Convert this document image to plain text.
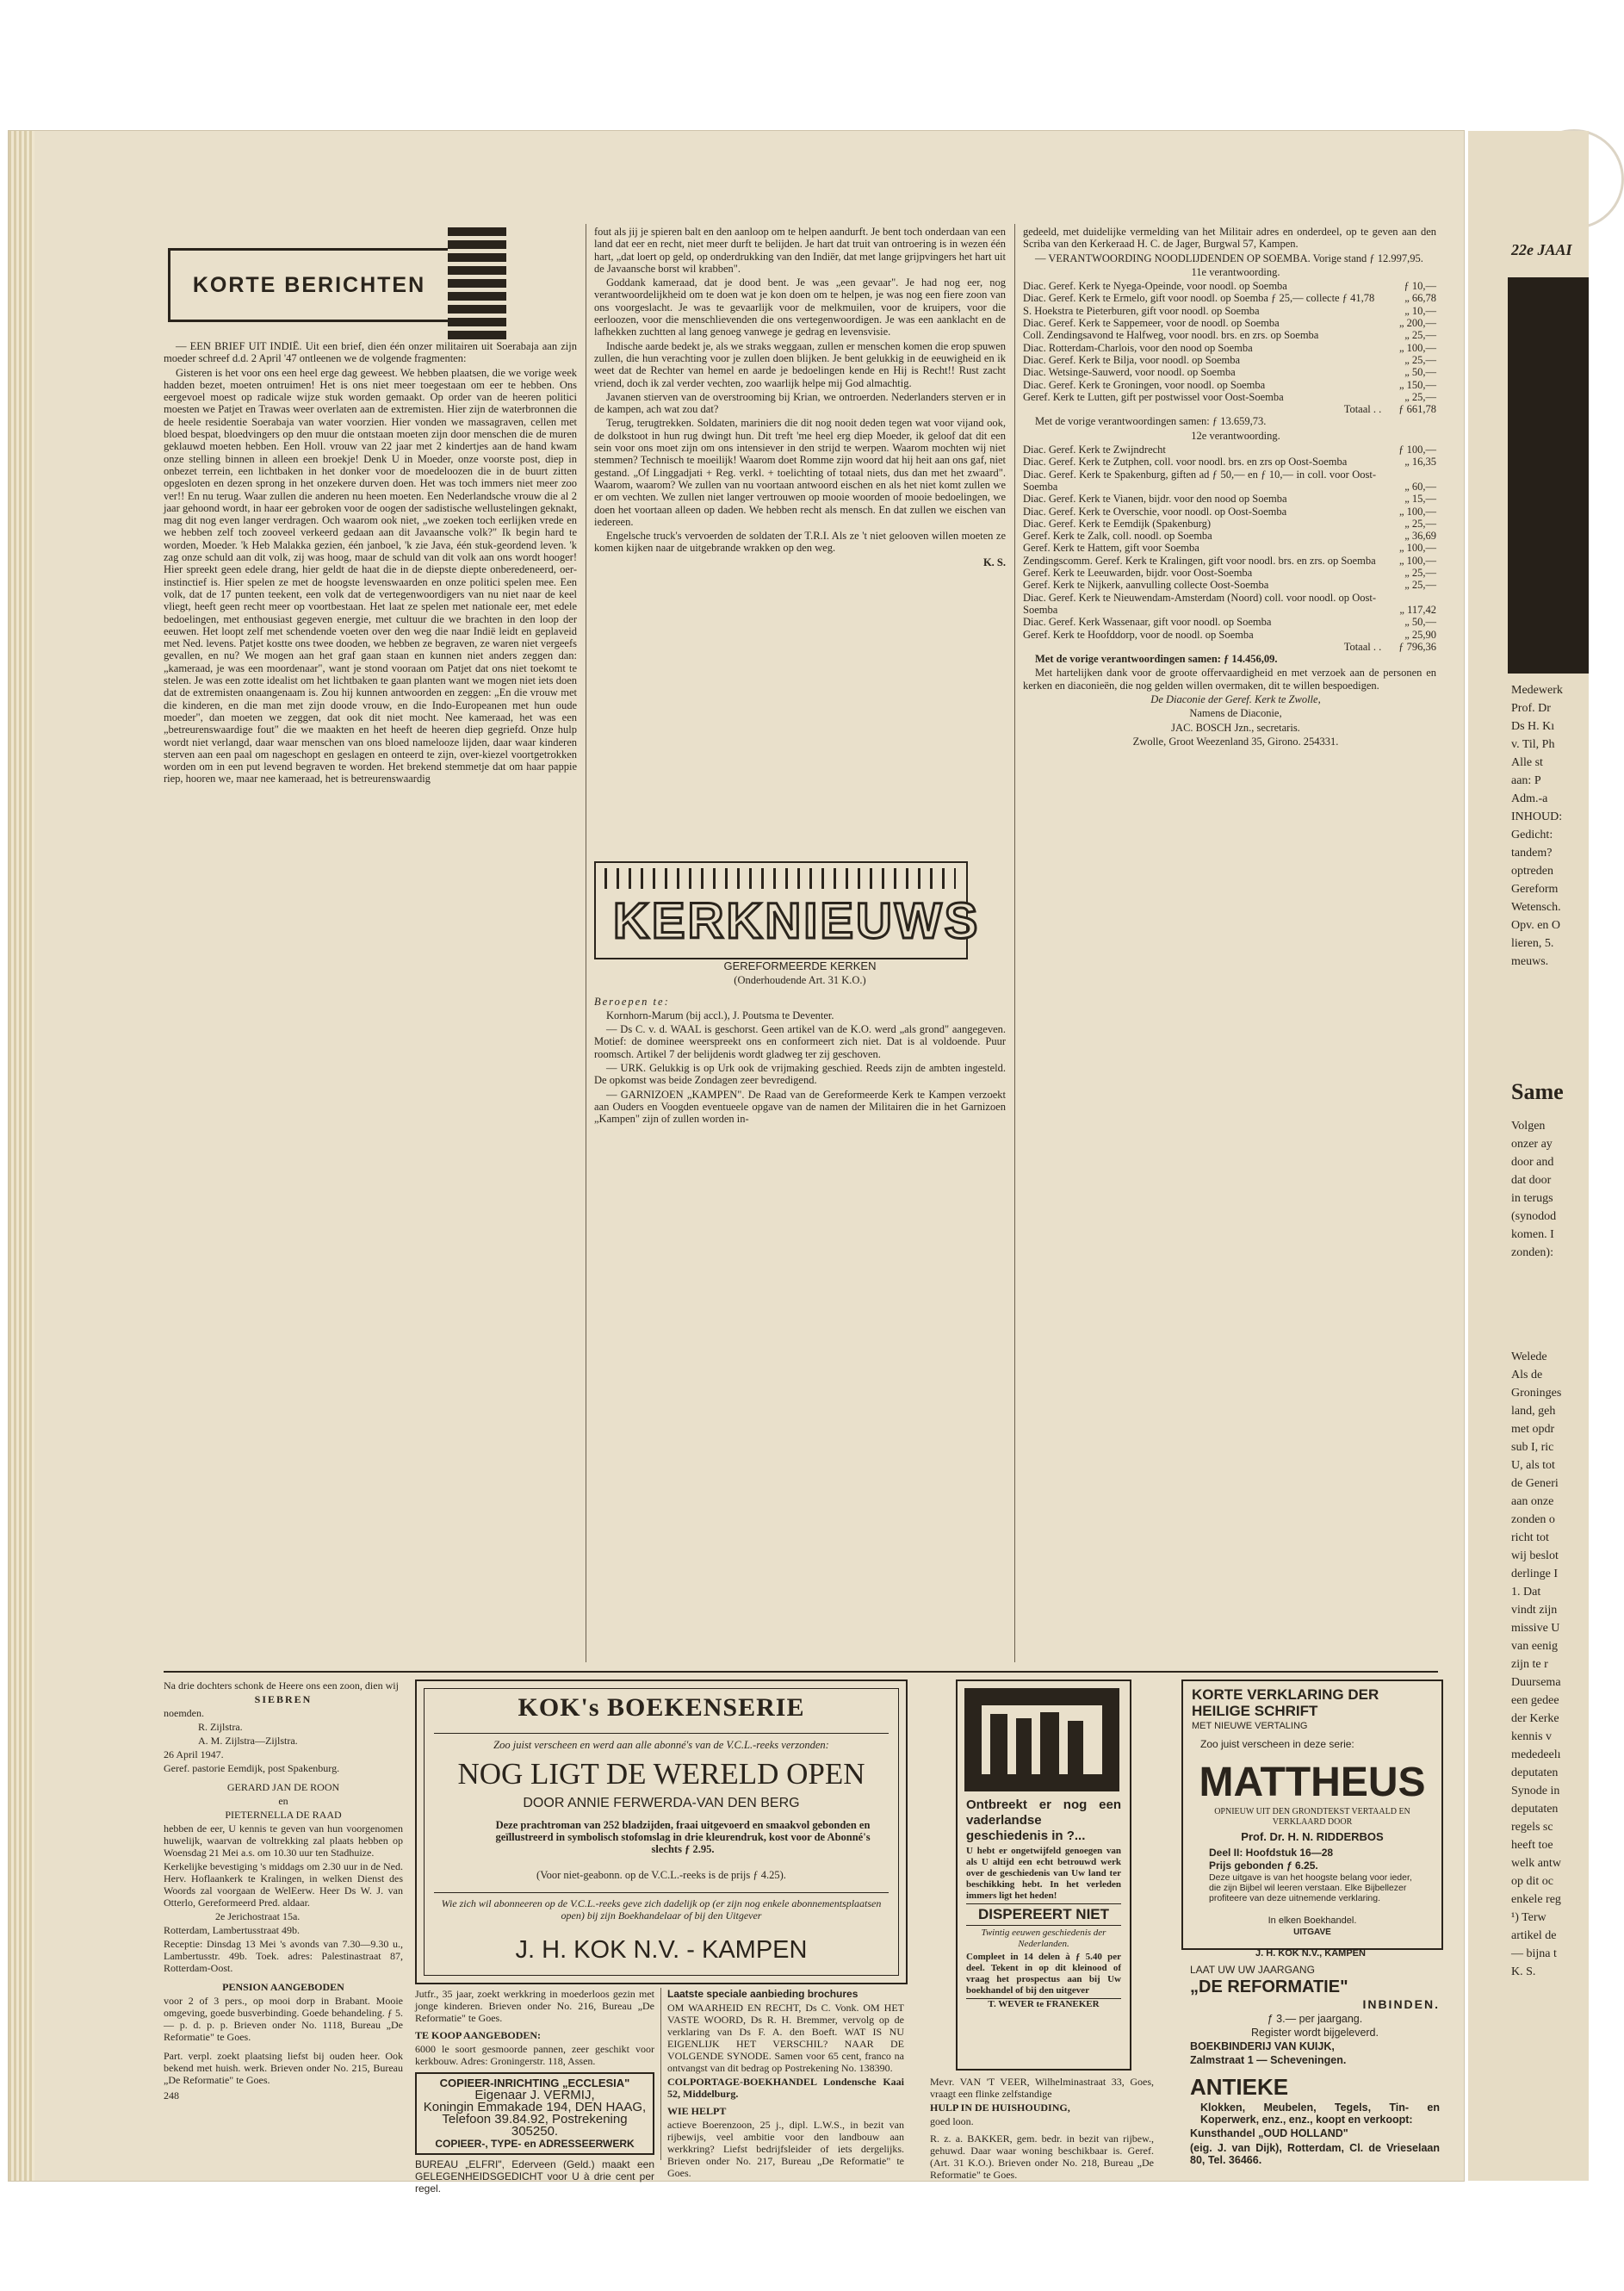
22e JAAI
Medewerk
Prof. Dr
Ds H. Kı
v. Til, Ph
Alle st
aan: P
Adm.-a
INHOUD:
Gedicht:
tandem?
optreden
Gereform
Wetensch.
Opv. en O
lieren, 5.
meuws.
Same
Volgen
onzer ay
door and
dat door
in terugs
(synodod
komen. I
zonden):
Welede
Als de
Groninges
land, geh
met opdr
sub I, ric
U, als tot
de Generi
aan onze
zonden o
richt tot
wij beslot
derlinge I
1. Dat
vindt zijn
missive U
van eenig
zijn te r
Duursema
een gedee
der Kerke
kennis v
mededeelı
deputaten
Synode in
deputaten
regels sc
heeft toe
welk antw
op dit oc
enkele reg
¹) Terw
artikel de
— bijna t
K. S.
KORTE BERICHTEN

— EEN BRIEF UIT INDIË. Uit een brief, dien één onzer militairen uit Soerabaja aan zijn moeder schreef d.d. 2 April '47 ontleenen we de volgende fragmenten:

Gisteren is het voor ons een heel erge dag geweest. We hebben plaatsen, die we vorige week hadden bezet, moeten ontruimen! Het is ons niet meer toegestaan om eer te hebben. Ons eergevoel moest op radicale wijze stuk worden gemaakt. Op order van de heeren politici moesten we Patjet en Trawas weer overlaten aan de extremisten. Hier zijn de waterbronnen die de heele residentie Soerabaja van water voorzien. Hier vonden we massagraven, cellen met bloed bespat, bloedvingers op den muur die ontstaan moeten zijn door menschen die de muren geklauwd moeten hebben. Een Holl. vrouw van 22 jaar met 2 kindertjes aan de hand kwam onze stelling binnen in alleen een broekje! Denk U in Moeder, onze voorste post, diep in onbezet terrein, een lichtbaken in het donker voor de moedeloozen die in de buurt zitten opgesloten en dezen sprong in het onzekere durven doen. Het was toch immers niet meer zoo ver!! En nu terug. Waar zullen die anderen nu heen moeten. Een Nederlandsche vrouw die al 2 jaar gehoond wordt, in haar eer gebroken voor de oogen der sadistische wellustelingen geknakt, mag dit nog even langer verdragen. Och waarom ook niet, „we zoeken toch eerlijken vrede en we hebben zelf toch zooveel verkeerd gedaan aan dit Javaansche volk?" Ik begin hard te worden, Moeder. 'k Heb Malakka gezien, één janboel, 'k zie Java, één stuk-geordend leven. 'k zag onze schuld aan dit volk, zij was hoog, maar de schuld van dit volk aan ons wordt hooger! Hier spreekt geen edele drang, hier geldt de haat die in de diepste diepte onberedeneerd, oer-instinctief is. Hier spelen ze met de hoogste levenswaarden en onze politici spelen mee. Een volk, dat de 17 punten teekent, een volk dat de vertegenwoordigers van nu niet naar de keel vliegt, heeft geen recht meer op voortbestaan. Het laat ze spelen met nationale eer, met edele bedoelingen, met enthousiast gegeven energie, met cultuur die we brachten in den loop der eeuwen. Het loopt zelf met schendende voeten over den weg die naar Indië leidt en geplaveid met Ned. levens. Patjet kostte ons twee dooden, we hebben ze begraven, ze waren niet vergeefs gevallen, en nu? We mogen aan het graf gaan staan en kunnen niet anders zeggen dan: „kameraad, je was een moordenaar", want je stond vooraan om Patjet dat ons niet toekomt te stelen. Je was een zotte idealist om het lichtbaken te gaan planten want we mogen niet iets doen dat de extremisten onaangenaam is. Zou hij kunnen antwoorden en zeggen: „En die vrouw met die kinderen, en die man met zijn doode vrouw, en die Indo-Europeanen met hun oude moeder", dan moeten we zeggen, dat ook dit niet mocht. Nee kameraad, het was een „betreurenswaardige fout" die we maakten en het heeft de heeren diep gegriefd. Onze hulp wordt niet verlangd, daar waar menschen van ons bloed namelooze lijden, daar waar kinderen sterven aan een paal om nageschopt en geslagen en onteerd te zijn, over-kiezel voortgetrokken worden om in een put levend begraven te worden. Het brekend stemmetje dat om haar pappie riep, hooren we, maar nee kameraad, het is betreurenswaardig

fout als jij je spieren balt en den aanloop om te helpen aandurft. Je bent toch onderdaan van een land dat eer en recht, niet meer durft te belijden. Je hart dat truit van ontroering is in wezen één hart, „dat loert op geld, op onderdrukking van den Indiër, dat met lange grijpvingers het hart uit de Javaansche borst wil krabben".

Goddank kameraad, dat je dood bent. Je was „een gevaar". Je had nog eer, nog verantwoordelijkheid om te doen wat je kon doen om te helpen, je was nog een fiere zoon van ons voorgeslacht. Je was te gevaarlijk voor de melkmuilen, voor de kruipers, voor die eerloozen, voor die menschlievenden die ons vertegenwoordigen. Je was een aanklacht en de lafhekken zuchtten al lang genoeg vanwege je gedrag en levensvisie.

Indische aarde bedekt je, als we straks weggaan, zullen er menschen komen die erop spuwen zullen, die hun verachting voor je zullen doen blijken. Je bent gelukkig in de eeuwigheid en ik weet dat de Rechter van hemel en aarde je bedoelingen kende en Hij is Recht!! Rust zacht vriend, doch ik zal verder vechten, zoo waarlijk helpe mij God almachtig.

Javanen stierven van de overstrooming bij Krian, we ontroerden. Nederlanders sterven er in de kampen, ach wat zou dat?

Terug, terugtrekken. Soldaten, mariniers die dit nog nooit deden tegen wat voor vijand ook, de dolkstoot in hun rug dwingt hun. Dit treft 'me heel erg diep Moeder, ik geloof dat dit een sein voor ons moet zijn om ons intensiever in den strijd te werpen. Waarom mochten wij niet stemmen? Technisch te moeilijk! Waarom doet Romme zijn woord dat hij heit aan ons gaf, niet gestand. „Of Linggadjati + Reg. verkl. + toelichting of totaal niets, dus dan met het zwaard". Waarom, waarom? We zullen van nu voortaan antwoord eischen en als het niet komt zullen we er om vechten. We zullen niet langer vertrouwen op mooie woorden of mooie bedoelingen, we doen het voortaan alleen op daden. We hebben recht als mensch. En dat zullen we eischen van iedereen.

Engelsche truck's vervoerden de soldaten der T.R.I. Als ze 't niet gelooven willen moeten ze komen kijken naar de uitgebrande wrakken op den weg.

K. S.

KERKNIEUWS

GEREFORMEERDE KERKEN

(Onderhoudende Art. 31 K.O.)

Beroepen te:

Kornhorn-Marum (bij accl.), J. Poutsma te Deventer.

— Ds C. v. d. WAAL is geschorst. Geen artikel van de K.O. werd „als grond" aangegeven. Motief: de dominee weerspreekt ons en conformeert zich niet. Dat is al voldoende. Puur roomsch. Artikel 7 der belijdenis wordt gladweg ter zij geschoven.

— URK. Gelukkig is op Urk ook de vrijmaking geschied. Reeds zijn de ambten ingesteld. De opkomst was beide Zondagen zeer bevredigend.

— GARNIZOEN „KAMPEN". De Raad van de Gereformeerde Kerk te Kampen verzoekt aan Ouders en Voogden eventueele opgave van de namen der Militairen die in het Garnizoen „Kampen" zijn of zullen worden in-

gedeeld, met duidelijke vermelding van het Militair adres en onderdeel, op te geven aan den Scriba van den Kerkeraad H. C. de Jager, Burgwal 57, Kampen.

— VERANTWOORDING NOODLIJDENDEN OP SOEMBA. Vorige stand ƒ 12.997,95.

11e verantwoording.

Diac. Geref. Kerk te Nyega-Opeinde, voor noodl. op Soemba	ƒ 10,—
Diac. Geref. Kerk te Ermelo, gift voor noodl. op Soemba ƒ 25,— collecte ƒ 41,78	„ 66,78
S. Hoekstra te Pieterburen, gift voor noodl. op Soemba	„ 10,—
Diac. Geref. Kerk te Sappemeer, voor de noodl. op Soemba	„ 200,—
Coll. Zendingsavond te Halfweg, voor noodl. brs. en zrs. op Soemba	„ 25,—
Diac. Rotterdam-Charlois, voor den nood op Soemba	„ 100,—
Diac. Geref. Kerk te Bilja, voor noodl. op Soemba	„ 25,—
Diac. Wetsinge-Sauwerd, voor noodl. op Soemba	„ 50,—
Diac. Geref. Kerk te Groningen, voor noodl. op Soemba	„ 150,—
Geref. Kerk te Lutten, gift per postwissel voor Oost-Soemba	„ 25,—
Totaal . . ƒ 661,78

Met de vorige verantwoordingen samen: ƒ 13.659,73.

12e verantwoording.

Diac. Geref. Kerk te Zwijndrecht	ƒ 100,—
Diac. Geref. Kerk te Zutphen, coll. voor noodl. brs. en zrs op Oost-Soemba	„ 16,35
Diac. Geref. Kerk te Spakenburg, giften ad ƒ 50,— en ƒ 10,— in coll. voor Oost-Soemba	„ 60,—
Diac. Geref. Kerk te Vianen, bijdr. voor den nood op Soemba	„ 15,—
Diac. Geref. Kerk te Overschie, voor noodl. op Oost-Soemba	„ 100,—
Diac. Geref. Kerk te Eemdijk (Spakenburg)	„ 25,—
Geref. Kerk te Zalk, coll. noodl. op Soemba	„ 36,69
Geref. Kerk te Hattem, gift voor Soemba	„ 100,—
Zendingscomm. Geref. Kerk te Kralingen, gift voor noodl. brs. en zrs. op Soemba	„ 100,—
Geref. Kerk te Leeuwarden, bijdr. voor Oost-Soemba	„ 25,—
Geref. Kerk te Nijkerk, aanvulling collecte Oost-Soemba	„ 25,—
Diac. Geref. Kerk te Nieuwendam-Amsterdam (Noord) coll. voor noodl. op Oost-Soemba	„ 117,42
Diac. Geref. Kerk Wassenaar, gift voor noodl. op Soemba	„ 50,—
Geref. Kerk te Hoofddorp, voor de noodl. op Soemba	„ 25,90
Totaal . . ƒ 796,36

Met de vorige verantwoordingen samen: ƒ 14.456,09.

Met hartelijken dank voor de groote offervaardigheid en met verzoek aan de personen en kerken en diaconieën, die nog gelden willen overmaken, dit te willen bespoedigen.

De Diaconie der Geref. Kerk te Zwolle,

Namens de Diaconie,

JAC. BOSCH Jzn., secretaris.

Zwolle, Groot Weezenland 35, Girono. 254331.

Na drie dochters schonk de Heere ons een zoon, dien wij

SIEBREN

noemden.

R. Zijlstra.

A. M. Zijlstra—Zijlstra.

26 April 1947.

Geref. pastorie Eemdijk, post Spakenburg.

GERARD JAN DE ROON

en

PIETERNELLA DE RAAD

hebben de eer, U kennis te geven van hun voorgenomen huwelijk, waarvan de voltrekking zal plaats hebben op Woensdag 21 Mei a.s. om 10.30 uur ten Stadhuize.

Kerkelijke bevestiging 's middags om 2.30 uur in de Ned. Herv. Hoflaankerk te Kralingen, in welken Dienst des Woords zal voorgaan de WelEerw. Heer Ds W. J. van Otterlo, Gereformeerd Pred. aldaar.

2e Jerichostraat 15a.

Rotterdam, Lambertusstraat 49b.

Receptie: Dinsdag 13 Mei 's avonds van 7.30—9.30 u., Lambertusstr. 49b. Toek. adres: Palestinastraat 87, Rotterdam-Oost.

PENSION AANGEBODEN

voor 2 of 3 pers., op mooi dorp in Brabant. Mooie omgeving, goede busverbinding. Goede behandeling. ƒ 5.— p. d. p. p. Brieven onder No. 1118, Bureau „De Reformatie" te Goes.

Part. verpl. zoekt plaatsing liefst bij ouden heer. Ook bekend met huish. werk. Brieven onder No. 215, Bureau „De Reformatie" te Goes.

248

KOK's BOEKENSERIE
Zoo juist verscheen en werd aan alle abonné's van de V.C.L.-reeks verzonden:
NOG LIGT DE WERELD OPEN
DOOR ANNIE FERWERDA-VAN DEN BERG
Deze prachtroman van 252 bladzijden, fraai uitgevoerd en smaakvol gebonden en geïllustreerd in symbolisch stofomslag in drie kleurendruk, kost voor de Abonné's slechts ƒ 2.95.
(Voor niet-geabonn. op de V.C.L.-reeks is de prijs ƒ 4.25).
Wie zich wil abonneeren op de V.C.L.-reeks geve zich dadelijk op (er zijn nog enkele abonnementsplaatsen open) bij zijn Boekhandelaar of bij den Uitgever
J. H. KOK N.V. - KAMPEN

Jutfr., 35 jaar, zoekt werkkring in moederloos gezin met jonge kinderen. Brieven onder No. 216, Bureau „De Reformatie" te Goes.

TE KOOP AANGEBODEN:

6000 le soort gesmoorde pannen, zeer geschikt voor kerkbouw. Adres: Groningerstr. 118, Assen.

COPIEER-INRICHTING „ECCLESIA"
Eigenaar J. VERMIJ,
Koningin Emmakade 194, DEN HAAG,
Telefoon 39.84.92, Postrekening 305250.
COPIEER-, TYPE- en ADRESSEERWERK

BUREAU „ELFRI", Ederveen (Geld.) maakt een GELEGENHEIDSGEDICHT voor U à drie cent per regel.

Laatste speciale aanbieding brochures

OM WAARHEID EN RECHT, Ds C. Vonk. OM HET VASTE WOORD, Ds R. H. Bremmer, vervolg op de verklaring van Ds F. A. den Boeft. WAT IS NU EIGENLIJK HET VERSCHIL? NAAR DE VOLGENDE SYNODE. Samen voor 65 cent, franco na ontvangst van dit bedrag op Postrekening No. 138390.

COLPORTAGE-BOEKHANDEL Londensche Kaai 52, Middelburg.

WIE HELPT

actieve Boerenzoon, 25 j., dipl. L.W.S., in bezit van rijbewijs, veel ambitie voor den landbouw aan werkkring? Liefst bedrijfsleider of iets dergelijks. Brieven onder No. 217, Bureau „De Reformatie" te Goes.

Ontbreekt er nog een vaderlandse geschiedenis in ?...

U hebt er ongetwijfeld genoegen van als U altijd een echt betrouwd werk over de geschiedenis van Uw land ter beschikking hebt. In het verleden immers ligt het heden!

DISPEREERT NIET

Twintig eeuwen geschiedenis der Nederlanden.

Compleet in 14 delen à ƒ 5.40 per deel. Tekent in op dit kleinood of vraag het prospectus aan bij Uw boekhandel of bij den uitgever

T. WEVER te FRANEKER

Mevr. VAN 'T VEER, Wilhelminastraat 33, Goes, vraagt een flinke zelfstandige

HULP IN DE HUISHOUDING,

goed loon.

R. z. a. BAKKER, gem. bedr. in bezit van rijbew., gehuwd. Daar waar woning beschikbaar is. Geref. (Art. 31 K.O.). Brieven onder No. 218, Bureau „De Reformatie" te Goes.

KORTE VERKLARING DER HEILIGE SCHRIFT
MET NIEUWE VERTALING
Zoo juist verscheen in deze serie:
MATTHEUS
OPNIEUW UIT DEN GRONDTEKST VERTAALD EN VERKLAARD DOOR
Prof. Dr. H. N. RIDDERBOS
Deel II: Hoofdstuk 16—28
Prijs gebonden ƒ 6.25.
Deze uitgave is van het hoogste belang voor ieder, die zijn Bijbel wil leeren verstaan. Elke Bijbellezer profiteere van deze uitnemende verklaring.
In elken Boekhandel.
UITGAVE
J. H. KOK N.V., KAMPEN

LAAT UW UW JAARGANG

„DE REFORMATIE"

INBINDEN.

ƒ 3.— per jaargang.

Register wordt bijgeleverd.

BOEKBINDERIJ VAN KUIJK,

Zalmstraat 1 — Scheveningen.

ANTIEKE

Klokken, Meubelen, Tegels, Tin- en Koperwerk, enz., enz., koopt en verkoopt:

Kunsthandel „OUD HOLLAND"

(eig. J. van Dijk), Rotterdam, Cl. de Vrieselaan 80, Tel. 36466.
